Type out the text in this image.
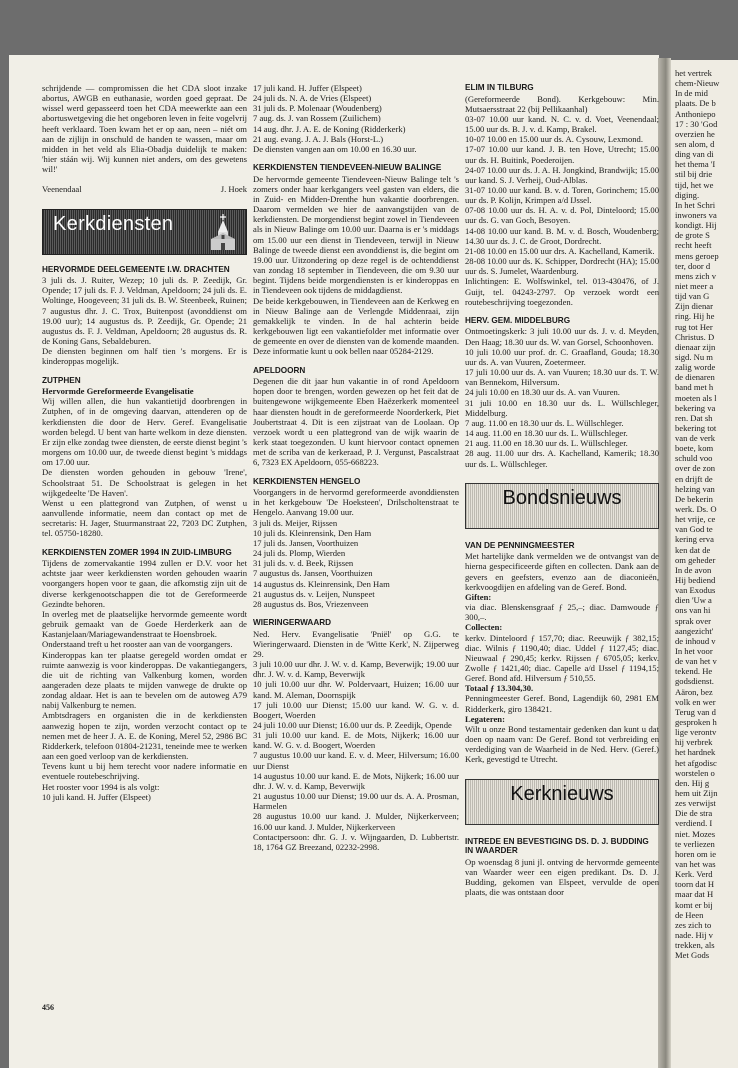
het vertrek
chem-Nieuw
In de mid
plaats. De b
Anthoniepo
17 : 30 'God
overzien he
sen alom, d
ding van di
het thema 'I
stil bij drie
tijd, het we
diging.
In het Schri
inwoners va
kondigt. Hij
de grote S
recht heeft
mens geroep
ter, door d
mens zich v
niet meer a
tijd van G
Zijn dienar
ring. Hij he
rug tot Her
Christus. D
dienaar zijn
sigd. Nu m
zalig worde
de dienaren
band met h
moeten als l
bekering va
ren. Dat sh
bekering tot
van de verk
boete, kom
schuld voo
over de zon
en drijft de
helzing van
De bekerin
werk. Ds. O
het vrije, ce
van God te
kering erva
ken dat de
om geheder
In de avon
Hij bediend
van Exodus
dien 'Uw a
ons van hi
sprak over
aangezicht'
de inhoud v
In het voor
de van het v
tekend. He
godsdienst.
Aäron, bez
volk en wer
Terug van d
gesproken h
lige verontv
hij verbrek
het hardnek
het afgodisc
worstelen o
den. Hij g
hem uit Zijn
zes verwijst
Die de stra
verdiend. I
niet. Mozes
te verliezen
horen om ie
van het was
Kerk. Verd
toorn dat H
maar dat H
komt er bij
de Heen
zes zich to
nade. Hij v
trekken, als
Met Gods

schrijdende — compromissen die het CDA sloot inzake abortus, AWGB en euthanasie, worden goed gepraat. De wissel werd gepasseerd toen het CDA meewerkte aan een abortuswetgeving die het ongeboren leven in feite vogelvrij heeft verklaard. Toen kwam het er op aan, neen – niét om aan de zijlijn in onschuld de handen te wassen, maar om midden in het veld als Elia-Obadja duidelijk te maken: 'hier stáán wij. Wij kunnen niet anders, om des gewetens wil!'

Veenendaal	J. Hoek
Kerkdiensten
HERVORMDE DEELGEMEENTE I.W. DRACHTEN

3 juli ds. J. Ruiter, Wezep; 10 juli ds. P. Zeedijk, Gr. Opende; 17 juli ds. F. J. Veldman, Apeldoorn; 24 juli ds. E. Woltinge, Hoogeveen; 31 juli ds. B. W. Steenbeek, Ruinen; 7 augustus dhr. J. C. Trox, Buitenpost (avonddienst om 19.00 uur); 14 augustus ds. P. Zeedijk, Gr. Opende; 21 augustus ds. F. J. Veldman, Apeldoorn; 28 augustus ds. R. de Koning Gans, Sebaldeburen.

De diensten beginnen om half tien 's morgens. Er is kinderoppas mogelijk.

ZUTPHEN

Hervormde Gereformeerde Evangelisatie

Wij willen allen, die hun vakantietijd doorbrengen in Zutphen, of in de omgeving daarvan, attenderen op de kerkdiensten die door de Herv. Geref. Evangelisatie worden belegd. U bent van harte welkom in deze diensten. Er zijn elke zondag twee diensten, de eerste dienst begint 's morgens om 10.00 uur, de tweede dienst begint 's middags om 17.00 uur.

De diensten worden gehouden in gebouw 'Irene', Schoolstraat 51. De Schoolstraat is gelegen in het wijkgedeelte 'De Haven'.

Wenst u een plattegrond van Zutphen, of wenst u aanvullende informatie, neem dan contact op met de secretaris: H. Jager, Stuurmanstraat 22, 7203 DC Zutphen, tel. 05750-18280.

KERKDIENSTEN ZOMER 1994 IN ZUID-LIMBURG

Tijdens de zomervakantie 1994 zullen er D.V. voor het achtste jaar weer kerkdiensten worden gehouden waarin voorgangers hopen voor te gaan, die afkomstig zijn uit de diverse kerkgenootschappen die tot de Gereformeerde Gezindte behoren.

In overleg met de plaatselijke hervormde gemeente wordt gebruik gemaakt van de Goede Herderkerk aan de Kastanjelaan/Mariagewandenstraat te Hoensbroek.

Onderstaand treft u het rooster aan van de voorgangers.

Kinderoppas kan ter plaatse geregeld worden omdat er ruimte aanwezig is voor kinderoppas. De vakantiegangers, die uit de richting van Valkenburg komen, worden aangeraden deze plaats te mijden vanwege de drukte op zondag aldaar. Het is aan te bevelen om de autoweg A79 nabij Valkenburg te nemen.

Ambtsdragers en organisten die in de kerkdiensten aanwezig hopen te zijn, worden verzocht contact op te nemen met de heer J. A. E. de Koning, Merel 52, 2986 BC Ridderkerk, telefoon 01804-21231, teneinde mee te werken aan een goed verloop van de kerkdiensten.

Tevens kunt u bij hem terecht voor nadere informatie en eventuele routebeschrijving.

Het rooster voor 1994 is als volgt:

10 juli kand. H. Juffer (Elspeet)

17 juli kand. H. Juffer (Elspeet)
24 juli ds. N. A. de Vries (Elspeet)
31 juli ds. P. Molenaar (Woudenberg)
7 aug. ds. J. van Rossem (Zuilichem)
14 aug. dhr. J. A. E. de Koning (Ridderkerk)
21 aug. evang. J. A. J. Bals (Horst-L.)

De diensten vangen aan om 10.00 en 16.30 uur.

KERKDIENSTEN TIENDEVEEN-NIEUW BALINGE

De hervormde gemeente Tiendeveen-Nieuw Balinge telt 's zomers onder haar kerkgangers veel gasten van elders, die in Zuid- en Midden-Drenthe hun vakantie doorbrengen. Daarom vermelden we hier de aanvangstijden van de kerkdiensten. De morgendienst begint zowel in Tiendeveen als in Nieuw Balinge om 10.00 uur. Daarna is er 's middags om 15.00 uur een dienst in Tiendeveen, terwijl in Nieuw Balinge de tweede dienst een avonddienst is, die begint om 19.00 uur. Uitzondering op deze regel is de ochtenddienst van zondag 18 september in Tiendeveen, die om 9.30 uur begint. Tijdens beide morgendiensten is er kinderoppas en in Tiendeveen ook tijdens de middagdienst.

De beide kerkgebouwen, in Tiendeveen aan de Kerkweg en in Nieuw Balinge aan de Verlengde Middenraai, zijn gemakkelijk te vinden. In de hal achterin beide kerkgebouwen ligt een vakantiefolder met informatie over de gemeente en over de diensten van de komende maanden. Deze informatie kunt u ook bellen naar 05284-2129.

APELDOORN

Degenen die dit jaar hun vakantie in of rond Apeldoorn hopen door te brengen, worden gewezen op het feit dat de buitengewone wijkgemeente Eben Haëzerkerk momenteel haar diensten houdt in de gereformeerde Noorderkerk, Piet Joubertstraat 4. Dit is een zijstraat van de Loolaan. Op verzoek wordt u een plattegrond van de wijk waarin de kerk staat toegezonden. U kunt hiervoor contact opnemen met de scriba van de kerkeraad, P. J. Vergunst, Pascalstraat 6, 7323 EX Apeldoorn, 055-668223.

KERKDIENSTEN HENGELO

Voorgangers in de hervormd gereformeerde avonddiensten in het kerkgebouw 'De Hoeksteen', Drilscholtenstraat te Hengelo. Aanvang 19.00 uur.

3 juli ds. Meijer, Rijssen
10 juli ds. Kleinrensink, Den Ham
17 juli ds. Jansen, Voorthuizen
24 juli ds. Plomp, Wierden
31 juli ds. v. d. Beek, Rijssen
7 augustus ds. Jansen, Voorthuizen
14 augustus ds. Kleinrensink, Den Ham
21 augustus ds. v. Leijen, Nunspeet
28 augustus ds. Bos, Vriezenveen
WIERINGERWAARD

Ned. Herv. Evangelisatie 'Pniël' op G.G. te Wieringerwaard. Diensten in de 'Witte Kerk', N. Zijperweg 29.

3 juli 10.00 uur dhr. J. W. v. d. Kamp, Beverwijk; 19.00 uur dhr. J. W. v. d. Kamp, Beverwijk

10 juli 10.00 uur dhr. W. Poldervaart, Huizen; 16.00 uur kand. M. Aleman, Doornspijk

17 juli 10.00 uur Dienst; 15.00 uur kand. W. G. v. d. Boogert, Woerden

24 juli 10.00 uur Dienst; 16.00 uur ds. P. Zeedijk, Opende

31 juli 10.00 uur kand. E. de Mots, Nijkerk; 16.00 uur kand. W. G. v. d. Boogert, Woerden

7 augustus 10.00 uur kand. E. v. d. Meer, Hilversum; 16.00 uur Dienst

14 augustus 10.00 uur kand. E. de Mots, Nijkerk; 16.00 uur dhr. J. W. v. d. Kamp, Beverwijk

21 augustus 10.00 uur Dienst; 19.00 uur ds. A. A. Prosman, Harmelen

28 augustus 10.00 uur kand. J. Mulder, Nijkerkerveen; 16.00 uur kand. J. Mulder, Nijkerkerveen

Contactpersoon: dhr. G. J. v. Wijngaarden, D. Lubbertstr. 18, 1764 GZ Breezand, 02232-2998.

ELIM IN TILBURG

(Gereformeerde Bond). Kerkgebouw: Min. Mutsaersstraat 22 (bij Pellikaanhal)

03-07 10.00 uur kand. N. C. v. d. Voet, Veenendaal; 15.00 uur ds. B. J. v. d. Kamp, Brakel.

10-07 10.00 en 15.00 uur ds. A. Cysouw, Lexmond.

17-07 10.00 uur kand. J. B. ten Hove, Utrecht; 15.00 uur ds. H. Buitink, Poederoijen.

24-07 10.00 uur ds. J. A. H. Jongkind, Brandwijk; 15.00 uur kand. S. J. Verheij, Oud-Alblas.

31-07 10.00 uur kand. B. v. d. Toren, Gorinchem; 15.00 uur ds. P. Kolijn, Krimpen a/d IJssel.

07-08 10.00 uur ds. H. A. v. d. Pol, Dinteloord; 15.00 uur ds. G. van Goch, Besoyen.

14-08 10.00 uur kand. B. M. v. d. Bosch, Woudenberg; 14.30 uur ds. J. C. de Groot, Dordrecht.

21-08 10.00 en 15.00 uur drs. A. Kachelland, Kamerik.

28-08 10.00 uur ds. K. Schipper, Dordrecht (HA); 15.00 uur ds. S. Jumelet, Waardenburg.

Inlichtingen: E. Wolfswinkel, tel. 013-430476, of J. Guijt, tel. 04243-2797. Op verzoek wordt een routebeschrijving toegezonden.

HERV. GEM. MIDDELBURG

Ontmoetingskerk: 3 juli 10.00 uur ds. J. v. d. Meyden, Den Haag; 18.30 uur ds. W. van Gorsel, Schoonhoven.

10 juli 10.00 uur prof. dr. C. Graafland, Gouda; 18.30 uur ds. A. van Vuuren, Zoetermeer.

17 juli 10.00 uur ds. A. van Vuuren; 18.30 uur ds. T. W. van Bennekom, Hilversum.

24 juli 10.00 en 18.30 uur ds. A. van Vuuren.

31 juli 10.00 en 18.30 uur ds. L. Wüllschleger, Middelburg.

7 aug. 11.00 en 18.30 uur ds. L. Wüllschleger.

14 aug. 11.00 en 18.30 uur ds. L. Wüllschleger.

21 aug. 11.00 en 18.30 uur ds. L. Wüllschleger.

28 aug. 11.00 uur drs. A. Kachelland, Kamerik; 18.30 uur ds. L. Wüllschleger.

Bondsnieuws
VAN DE PENNINGMEESTER

Met hartelijke dank vermelden we de ontvangst van de hierna gespecificeerde giften en collecten. Dank aan de gevers en geefsters, evenzo aan de diaconieën, kerkvoogdijen en afdeling van de Geref. Bond.

Giften:

via diac. Blenskensgraaf ƒ 25,–; diac. Damwoude ƒ 300,–.

Collecten:

kerkv. Dinteloord ƒ 157,70; diac. Reeuwijk ƒ 382,15; diac. Wilnis ƒ 1190,40; diac. Uddel ƒ 1127,45; diac. Nieuwaal ƒ 290,45; kerkv. Rijssen ƒ 6705,05; kerkv. Zwolle ƒ 1421,40; diac. Capelle a/d IJssel ƒ 1194,15; Geref. Bond afd. Hilversum ƒ 510,55.

Totaal ƒ 13.304,30.

Penningmeester Geref. Bond, Lagendijk 60, 2981 EM Ridderkerk, giro 138421.

Legateren:

Wilt u onze Bond testamentair gedenken dan kunt u dat doen op naam van: De Geref. Bond tot verbreiding en verdediging van de Waarheid in de Ned. Herv. (Geref.) Kerk, gevestigd te Utrecht.

Kerknieuws
INTREDE EN BEVESTIGING DS. D. J. BUDDING IN WAARDER

Op woensdag 8 juni jl. ontving de hervormde gemeente van Waarder weer een eigen predikant. Ds. D. J. Budding, gekomen van Elspeet, vervulde de open plaats, die was ontstaan door

456
